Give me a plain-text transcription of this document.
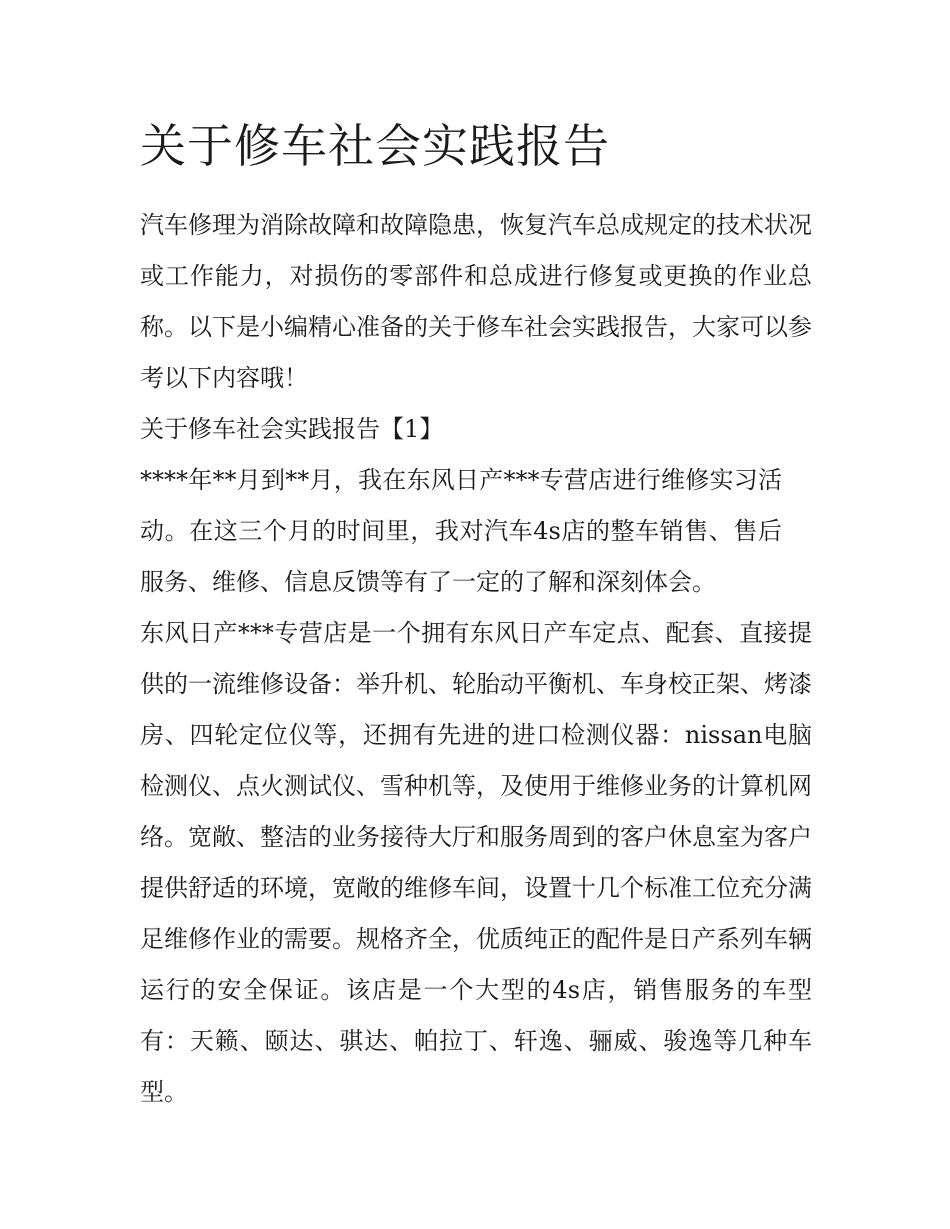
关于修车社会实践报告

汽车修理为消除故障和故障隐患，恢复汽车总成规定的技术状况或工作能力，对损伤的零部件和总成进行修复或更换的作业总称。以下是小编精心准备的关于修车社会实践报告，大家可以参考以下内容哦！

关于修车社会实践报告【1】

****年**月到**月，我在东风日产***专营店进行维修实习活动。在这三个月的时间里，我对汽车4s店的整车销售、售后服务、维修、信息反馈等有了一定的了解和深刻体会。

东风日产***专营店是一个拥有东风日产车定点、配套、直接提供的一流维修设备：举升机、轮胎动平衡机、车身校正架、烤漆房、四轮定位仪等，还拥有先进的进口检测仪器：nissan电脑检测仪、点火测试仪、雪种机等，及使用于维修业务的计算机网络。宽敞、整洁的业务接待大厅和服务周到的客户休息室为客户提供舒适的环境，宽敞的维修车间，设置十几个标准工位充分满足维修作业的需要。规格齐全，优质纯正的配件是日产系列车辆运行的安全保证。该店是一个大型的4s店，销售服务的车型有：天籁、颐达、骐达、帕拉丁、轩逸、骊威、骏逸等几种车型。
